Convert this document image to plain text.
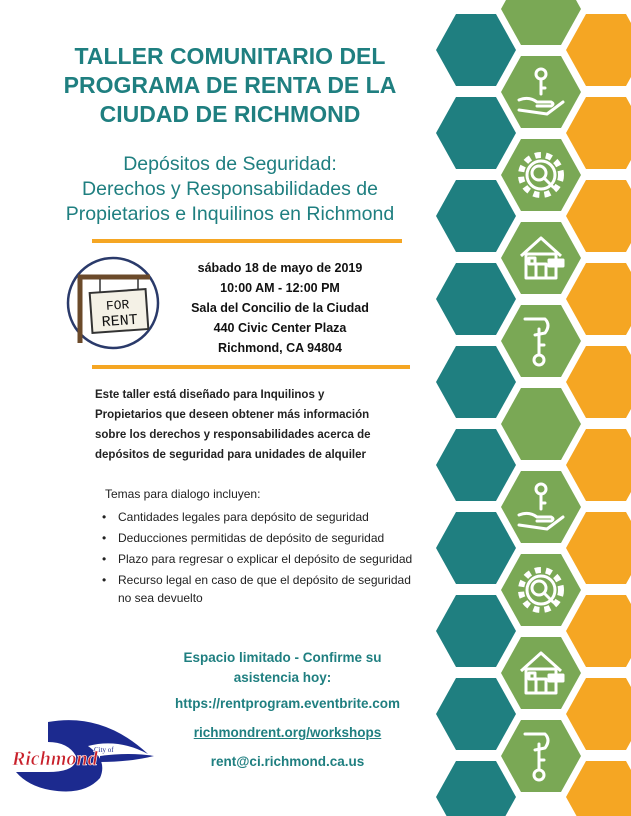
TALLER COMUNITARIO DEL
PROGRAMA DE RENTA DE LA
CIUDAD DE RICHMOND
Depósitos de Seguridad:
Derechos y Responsabilidades de
Propietarios e Inquilinos en Richmond
FOR
RENT
sábado 18 de mayo de 2019
10:00 AM - 12:00 PM
Sala del Concilio de la Ciudad
440 Civic Center Plaza
Richmond, CA 94804
Este taller está diseñado para Inquilinos y
Propietarios que deseen obtener más información
sobre los derechos y responsabilidades acerca de
depósitos de seguridad para unidades de alquiler
Temas para dialogo incluyen:
• Cantidades legales para depósito de seguridad
• Deducciones permitidas de depósito de seguridad
• Plazo para regresar o explicar el depósito de seguridad
• Recurso legal en caso de que el depósito de seguridad no sea devuelto
Espacio limitado - Confirme su
asistencia hoy:
https://rentprogram.eventbrite.com
richmondrent.org/workshops
rent@ci.richmond.ca.us
City of
Richmond
